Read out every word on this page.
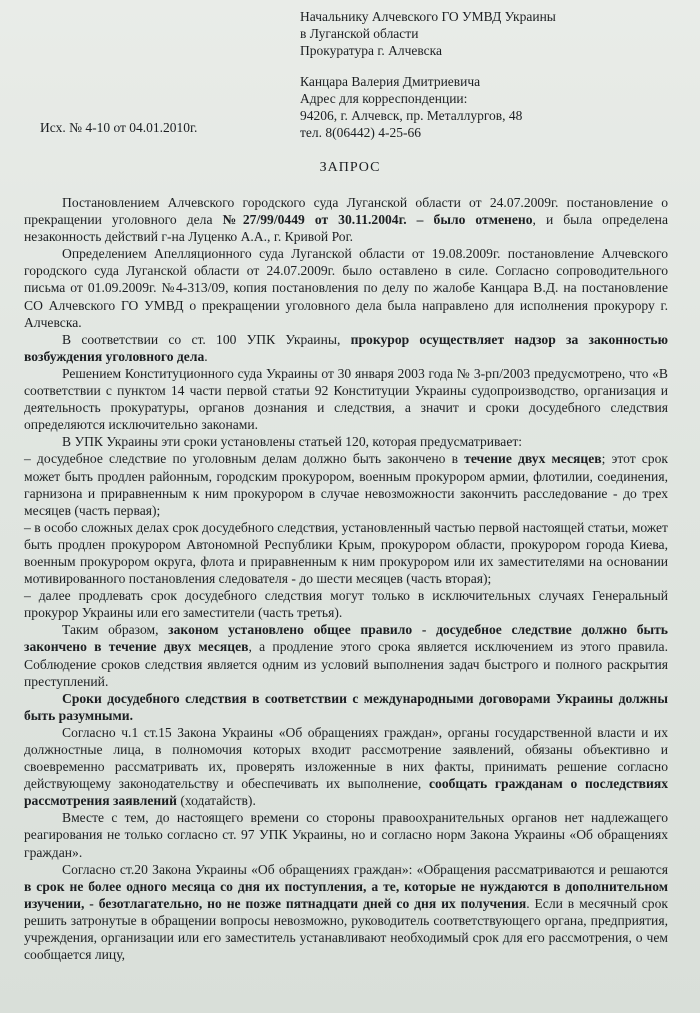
Начальнику Алчевского ГО УМВД Украины
в Луганской области
Прокуратура г. Алчевска
Канцара Валерия Дмитриевича
Адрес для корреспонденции:
94206, г. Алчевск, пр. Металлургов, 48
тел. 8(06442) 4-25-66
Исх. № 4-10 от 04.01.2010г.
ЗАПРОС

Постановлением Алчевского городского суда Луганской области от 24.07.2009г. постановление о прекращении уголовного дела №27/99/0449 от 30.11.2004г. – было отменено, и была определена незаконность действий г-на Луценко А.А., г. Кривой Рог.

Определением Апелляционного суда Луганской области от 19.08.2009г. постановление Алчевского городского суда Луганской области от 24.07.2009г. было оставлено в силе. Согласно сопроводительного письма от 01.09.2009г. №4-313/09, копия постановления по делу по жалобе Канцара В.Д. на постановление СО Алчевского ГО УМВД о прекращении уголовного дела была направлено для исполнения прокурору г. Алчевска.

В соответствии со ст. 100 УПК Украины, прокурор осуществляет надзор за законностью возбуждения уголовного дела.

Решением Конституционного суда Украины от 30 января 2003 года № 3-рп/2003 предусмотрено, что «В соответствии с пунктом 14 части первой статьи 92 Конституции Украины судопроизводство, организация и деятельность прокуратуры, органов дознания и следствия, а значит и сроки досудебного следствия определяются исключительно законами.

В УПК Украины эти сроки установлены статьей 120, которая предусматривает:

– досудебное следствие по уголовным делам должно быть закончено в течение двух месяцев; этот срок может быть продлен районным, городским прокурором, военным прокурором армии, флотилии, соединения, гарнизона и приравненным к ним прокурором в случае невозможности закончить расследование - до трех месяцев (часть первая);

– в особо сложных делах срок досудебного следствия, установленный частью первой настоящей статьи, может быть продлен прокурором Автономной Республики Крым, прокурором области, прокурором города Киева, военным прокурором округа, флота и приравненным к ним прокурором или их заместителями на основании мотивированного постановления следователя - до шести месяцев (часть вторая);

– далее продлевать срок досудебного следствия могут только в исключительных случаях Генеральный прокурор Украины или его заместители (часть третья).

Таким образом, законом установлено общее правило - досудебное следствие должно быть закончено в течение двух месяцев, а продление этого срока является исключением из этого правила. Соблюдение сроков следствия является одним из условий выполнения задач быстрого и полного раскрытия преступлений.

Сроки досудебного следствия в соответствии с международными договорами Украины должны быть разумными.

Согласно ч.1 ст.15 Закона Украины «Об обращениях граждан», органы государственной власти и их должностные лица, в полномочия которых входит рассмотрение заявлений, обязаны объективно и своевременно рассматривать их, проверять изложенные в них факты, принимать решение согласно действующему законодательству и обеспечивать их выполнение, сообщать гражданам о последствиях рассмотрения заявлений (ходатайств).

Вместе с тем, до настоящего времени со стороны правоохранительных органов нет надлежащего реагирования не только согласно ст. 97 УПК Украины, но и согласно норм Закона Украины «Об обращениях граждан».

Согласно ст.20 Закона Украины «Об обращениях граждан»: «Обращения рассматриваются и решаются в срок не более одного месяца со дня их поступления, а те, которые не нуждаются в дополнительном изучении, - безотлагательно, но не позже пятнадцати дней со дня их получения. Если в месячный срок решить затронутые в обращении вопросы невозможно, руководитель соответствующего органа, предприятия, учреждения, организации или его заместитель устанавливают необходимый срок для его рассмотрения, о чем сообщается лицу,
